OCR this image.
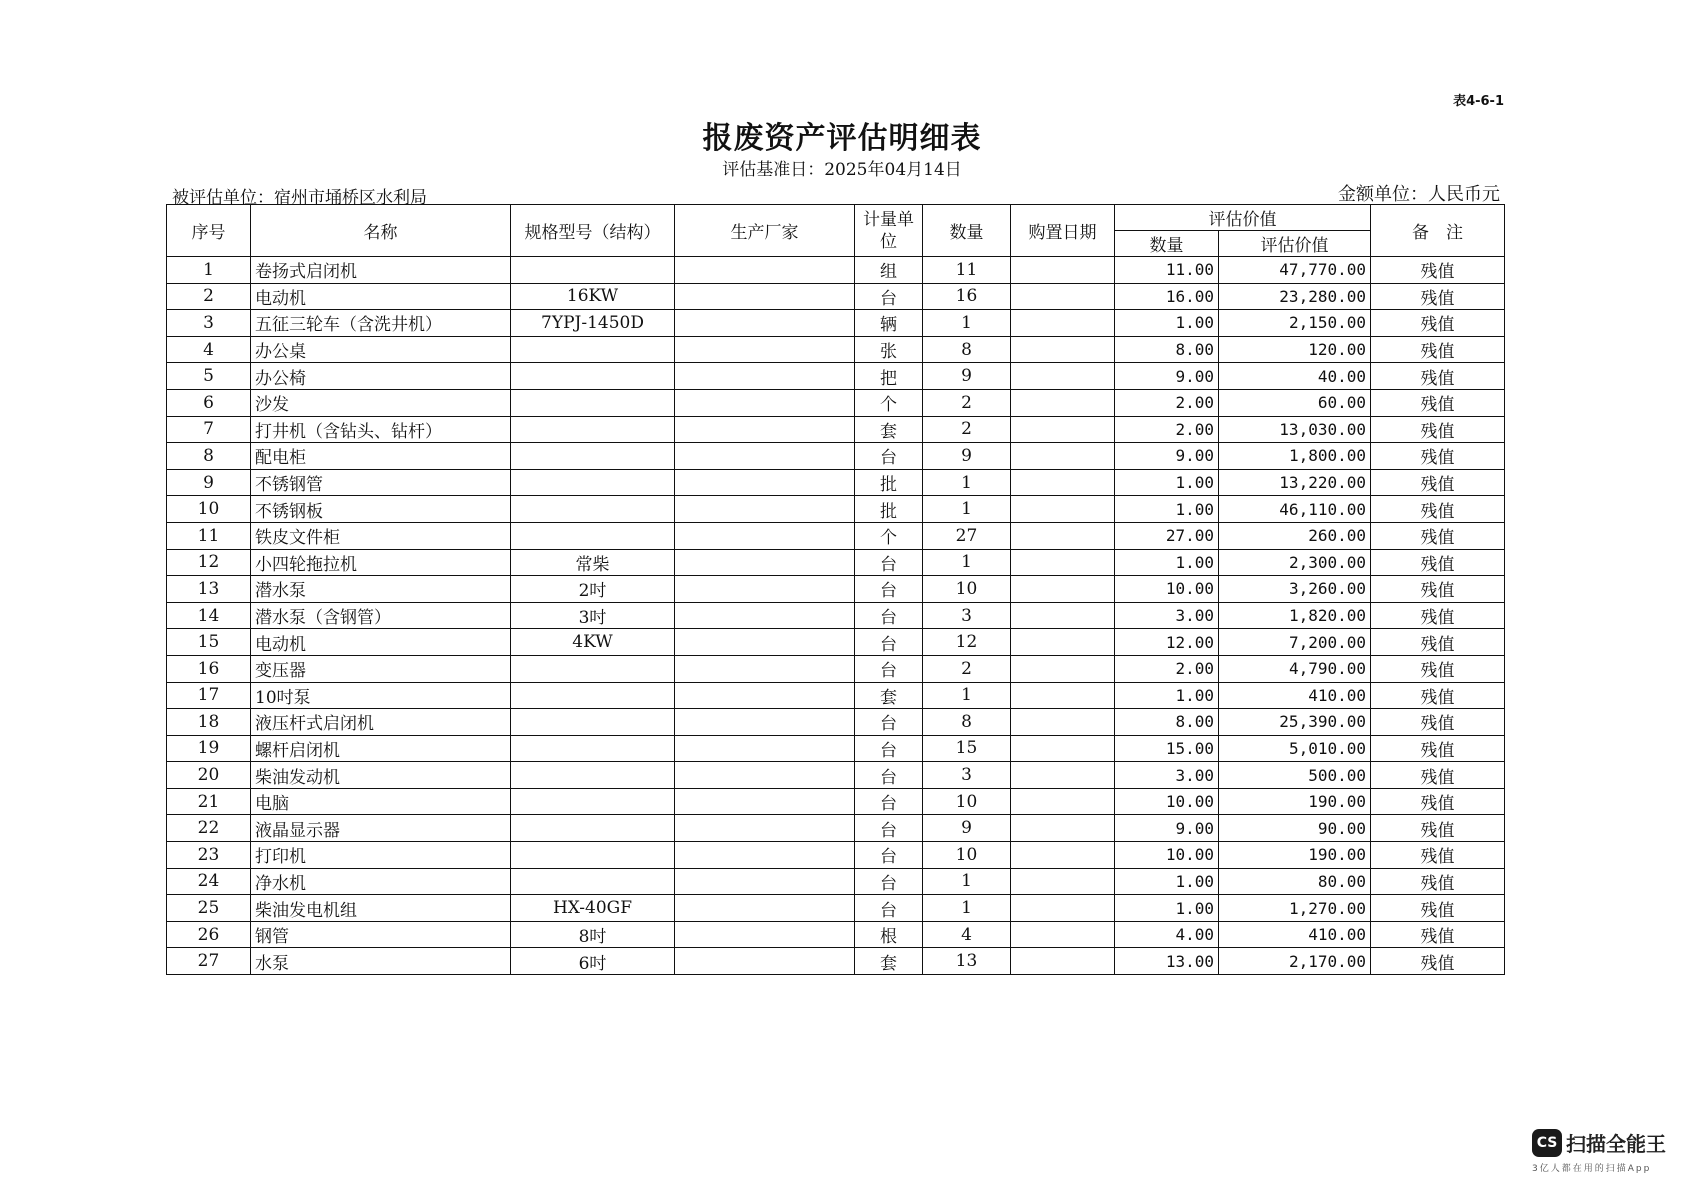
表4-6-1
报废资产评估明细表
评估基准日：2025年04月14日
被评估单位：宿州市埇桥区水利局	金额单位：人民币元
序号	名称	规格型号（结构）	生产厂家	计量单位	数量	购置日期	评估价值		备　注
							数量	评估价值	
1	卷扬式启闭机			组	11		11.00	47,770.00	残值
2	电动机	16KW		台	16		16.00	23,280.00	残值
3	五征三轮车（含洗井机）	7YPJ-1450D		辆	1		1.00	2,150.00	残值
4	办公桌			张	8		8.00	120.00	残值
5	办公椅			把	9		9.00	40.00	残值
6	沙发			个	2		2.00	60.00	残值
7	打井机（含钻头、钻杆）			套	2		2.00	13,030.00	残值
8	配电柜			台	9		9.00	1,800.00	残值
9	不锈钢管			批	1		1.00	13,220.00	残值
10	不锈钢板			批	1		1.00	46,110.00	残值
11	铁皮文件柜			个	27		27.00	260.00	残值
12	小四轮拖拉机	常柴		台	1		1.00	2,300.00	残值
13	潜水泵	2吋		台	10		10.00	3,260.00	残值
14	潜水泵（含钢管）	3吋		台	3		3.00	1,820.00	残值
15	电动机	4KW		台	12		12.00	7,200.00	残值
16	变压器			台	2		2.00	4,790.00	残值
17	10吋泵			套	1		1.00	410.00	残值
18	液压杆式启闭机			台	8		8.00	25,390.00	残值
19	螺杆启闭机			台	15		15.00	5,010.00	残值
20	柴油发动机			台	3		3.00	500.00	残值
21	电脑			台	10		10.00	190.00	残值
22	液晶显示器			台	9		9.00	90.00	残值
23	打印机			台	10		10.00	190.00	残值
24	净水机			台	1		1.00	80.00	残值
25	柴油发电机组	HX-40GF		台	1		1.00	1,270.00	残值
26	钢管	8吋		根	4		4.00	410.00	残值
27	水泵	6吋		套	13		13.00	2,170.00	残值
CS 扫描全能王
3亿人都在用的扫描App
